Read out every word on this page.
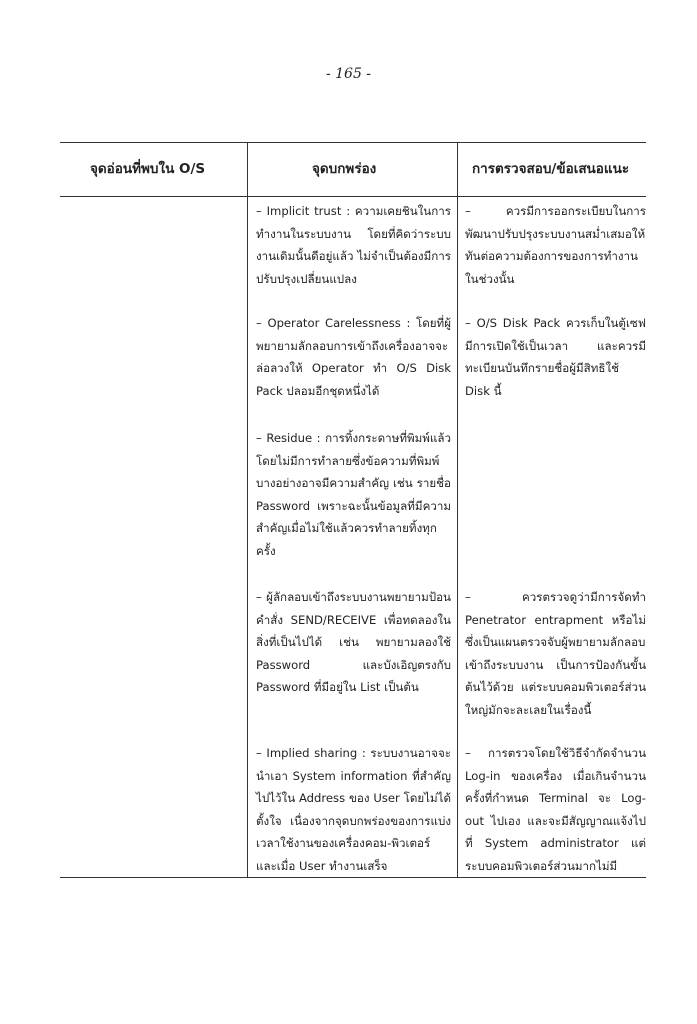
- 165 -
จุดอ่อนที่พบใน O/S	จุดบกพร่อง	การตรวจสอบ/ข้อเสนอแนะ
– Implicit trust : ความเคยชินในการทำงานในระบบงาน โดยที่คิดว่าระบบงานเดิมนั้นดีอยู่แล้ว ไม่จำเป็นต้องมีการปรับปรุงเปลี่ยนแปลง
– ควรมีการออกระเบียบในการพัฒนาปรับปรุงระบบงานสม่ำเสมอให้ทันต่อความต้องการของการทำงานในช่วงนั้น
– Operator Carelessness : โดยที่ผู้พยายามลักลอบการเข้าถึงเครื่องอาจจะล่อลวงให้ Operator ทำ O/S Disk Pack ปลอมอีกชุดหนึ่งได้
– O/S Disk Pack ควรเก็บในตู้เซฟ มีการเปิดใช้เป็นเวลา และควรมีทะเบียนบันทึกรายชื่อผู้มีสิทธิใช้ Disk นี้
– Residue : การทิ้งกระดาษที่พิมพ์แล้วโดยไม่มีการทำลายซึ่งข้อความที่พิมพ์บางอย่างอาจมีความสำคัญ เช่น รายชื่อ Password เพราะฉะนั้นข้อมูลที่มีความสำคัญเมื่อไม่ใช้แล้วควรทำลายทิ้งทุกครั้ง
– ผู้ลักลอบเข้าถึงระบบงานพยายามป้อนคำสั่ง SEND/RECEIVE เพื่อทดลองในสิ่งที่เป็นไปได้ เช่น พยายามลองใช้ Password และบังเอิญตรงกับ Password ที่มีอยู่ใน List เป็นต้น
– ควรตรวจดูว่ามีการจัดทำ Penetrator entrapment หรือไม่ ซึ่งเป็นแผนตรวจจับผู้พยายามลักลอบเข้าถึงระบบงาน เป็นการป้องกันขั้นต้นไว้ด้วย แต่ระบบคอมพิวเตอร์ส่วนใหญ่มักจะละเลยในเรื่องนี้
– Implied sharing : ระบบงานอาจจะนำเอา System information ที่สำคัญไปไว้ใน Address ของ User โดยไม่ได้ตั้งใจ เนื่องจากจุดบกพร่องของการแบ่งเวลาใช้งานของเครื่องคอม-พิวเตอร์ และเมื่อ User ทำงานเสร็จ
– การตรวจโดยใช้วิธีจำกัดจำนวน Log-in ของเครื่อง เมื่อเกินจำนวนครั้งที่กำหนด Terminal จะ Log-out ไปเอง และจะมีสัญญาณแจ้งไปที่ System administrator แต่ระบบคอมพิวเตอร์ส่วนมากไม่มี
